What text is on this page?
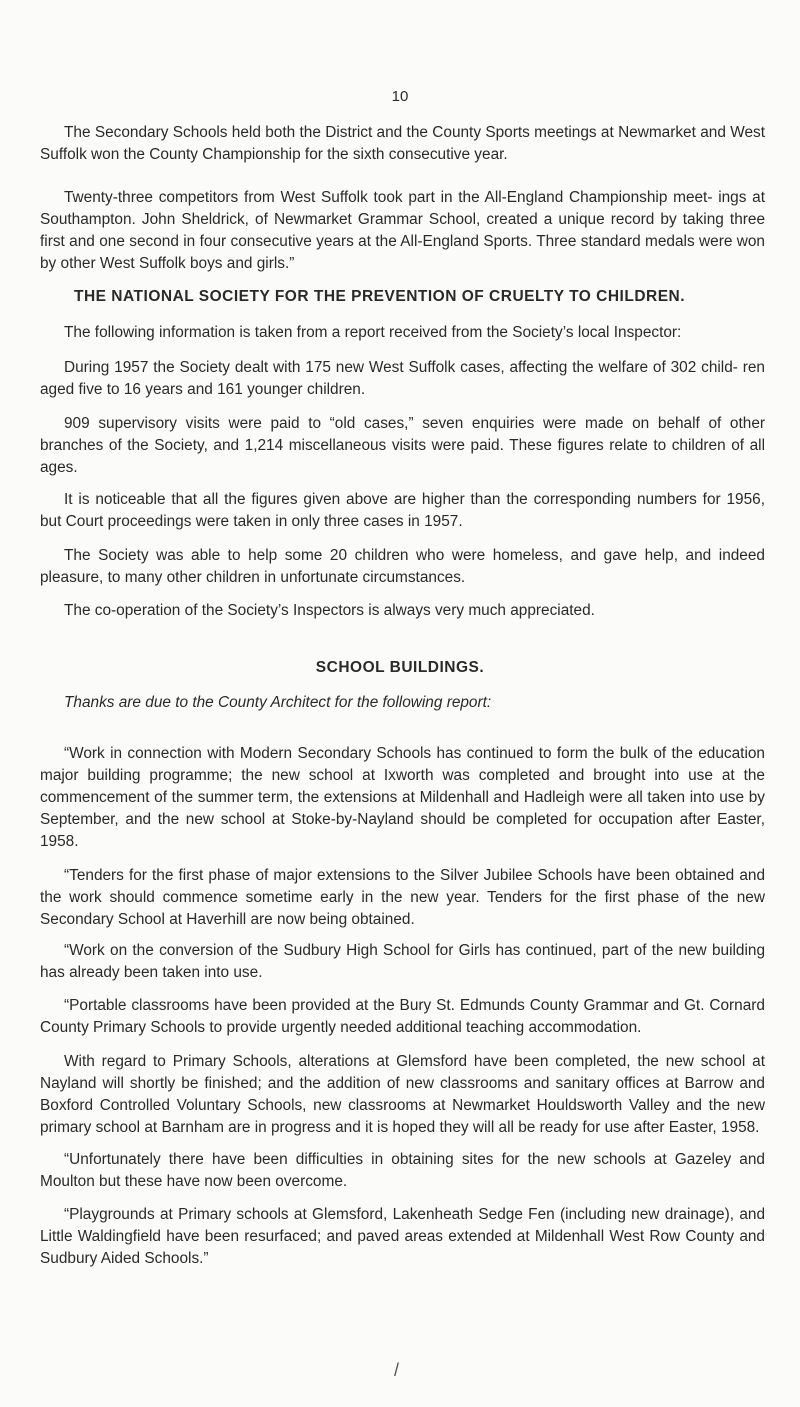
10

The Secondary Schools held both the District and the County Sports meetings at Newmarket and West Suffolk won the County Championship for the sixth consecutive year.

Twenty-three competitors from West Suffolk took part in the All-England Championship meet- ings at Southampton. John Sheldrick, of Newmarket Grammar School, created a unique record by taking three first and one second in four consecutive years at the All-England Sports. Three standard medals were won by other West Suffolk boys and girls.”

THE NATIONAL SOCIETY FOR THE PREVENTION OF CRUELTY TO CHILDREN.

The following information is taken from a report received from the Society’s local Inspector:

During 1957 the Society dealt with 175 new West Suffolk cases, affecting the welfare of 302 child- ren aged five to 16 years and 161 younger children.

909 supervisory visits were paid to “old cases,” seven enquiries were made on behalf of other branches of the Society, and 1,214 miscellaneous visits were paid. These figures relate to children of all ages.

It is noticeable that all the figures given above are higher than the corresponding numbers for 1956, but Court proceedings were taken in only three cases in 1957.

The Society was able to help some 20 children who were homeless, and gave help, and indeed pleasure, to many other children in unfortunate circumstances.

The co-operation of the Society’s Inspectors is always very much appreciated.

SCHOOL BUILDINGS.

Thanks are due to the County Architect for the following report:

“Work in connection with Modern Secondary Schools has continued to form the bulk of the education major building programme; the new school at Ixworth was completed and brought into use at the commencement of the summer term, the extensions at Mildenhall and Hadleigh were all taken into use by September, and the new school at Stoke-by-Nayland should be completed for occupation after Easter, 1958.

“Tenders for the first phase of major extensions to the Silver Jubilee Schools have been obtained and the work should commence sometime early in the new year. Tenders for the first phase of the new Secondary School at Haverhill are now being obtained.

“Work on the conversion of the Sudbury High School for Girls has continued, part of the new building has already been taken into use.

“Portable classrooms have been provided at the Bury St. Edmunds County Grammar and Gt. Cornard County Primary Schools to provide urgently needed additional teaching accommodation.

With regard to Primary Schools, alterations at Glemsford have been completed, the new school at Nayland will shortly be finished; and the addition of new classrooms and sanitary offices at Barrow and Boxford Controlled Voluntary Schools, new classrooms at Newmarket Houldsworth Valley and the new primary school at Barnham are in progress and it is hoped they will all be ready for use after Easter, 1958.

“Unfortunately there have been difficulties in obtaining sites for the new schools at Gazeley and Moulton but these have now been overcome.

“Playgrounds at Primary schools at Glemsford, Lakenheath Sedge Fen (including new drainage), and Little Waldingfield have been resurfaced; and paved areas extended at Mildenhall West Row County and Sudbury Aided Schools.”

/
